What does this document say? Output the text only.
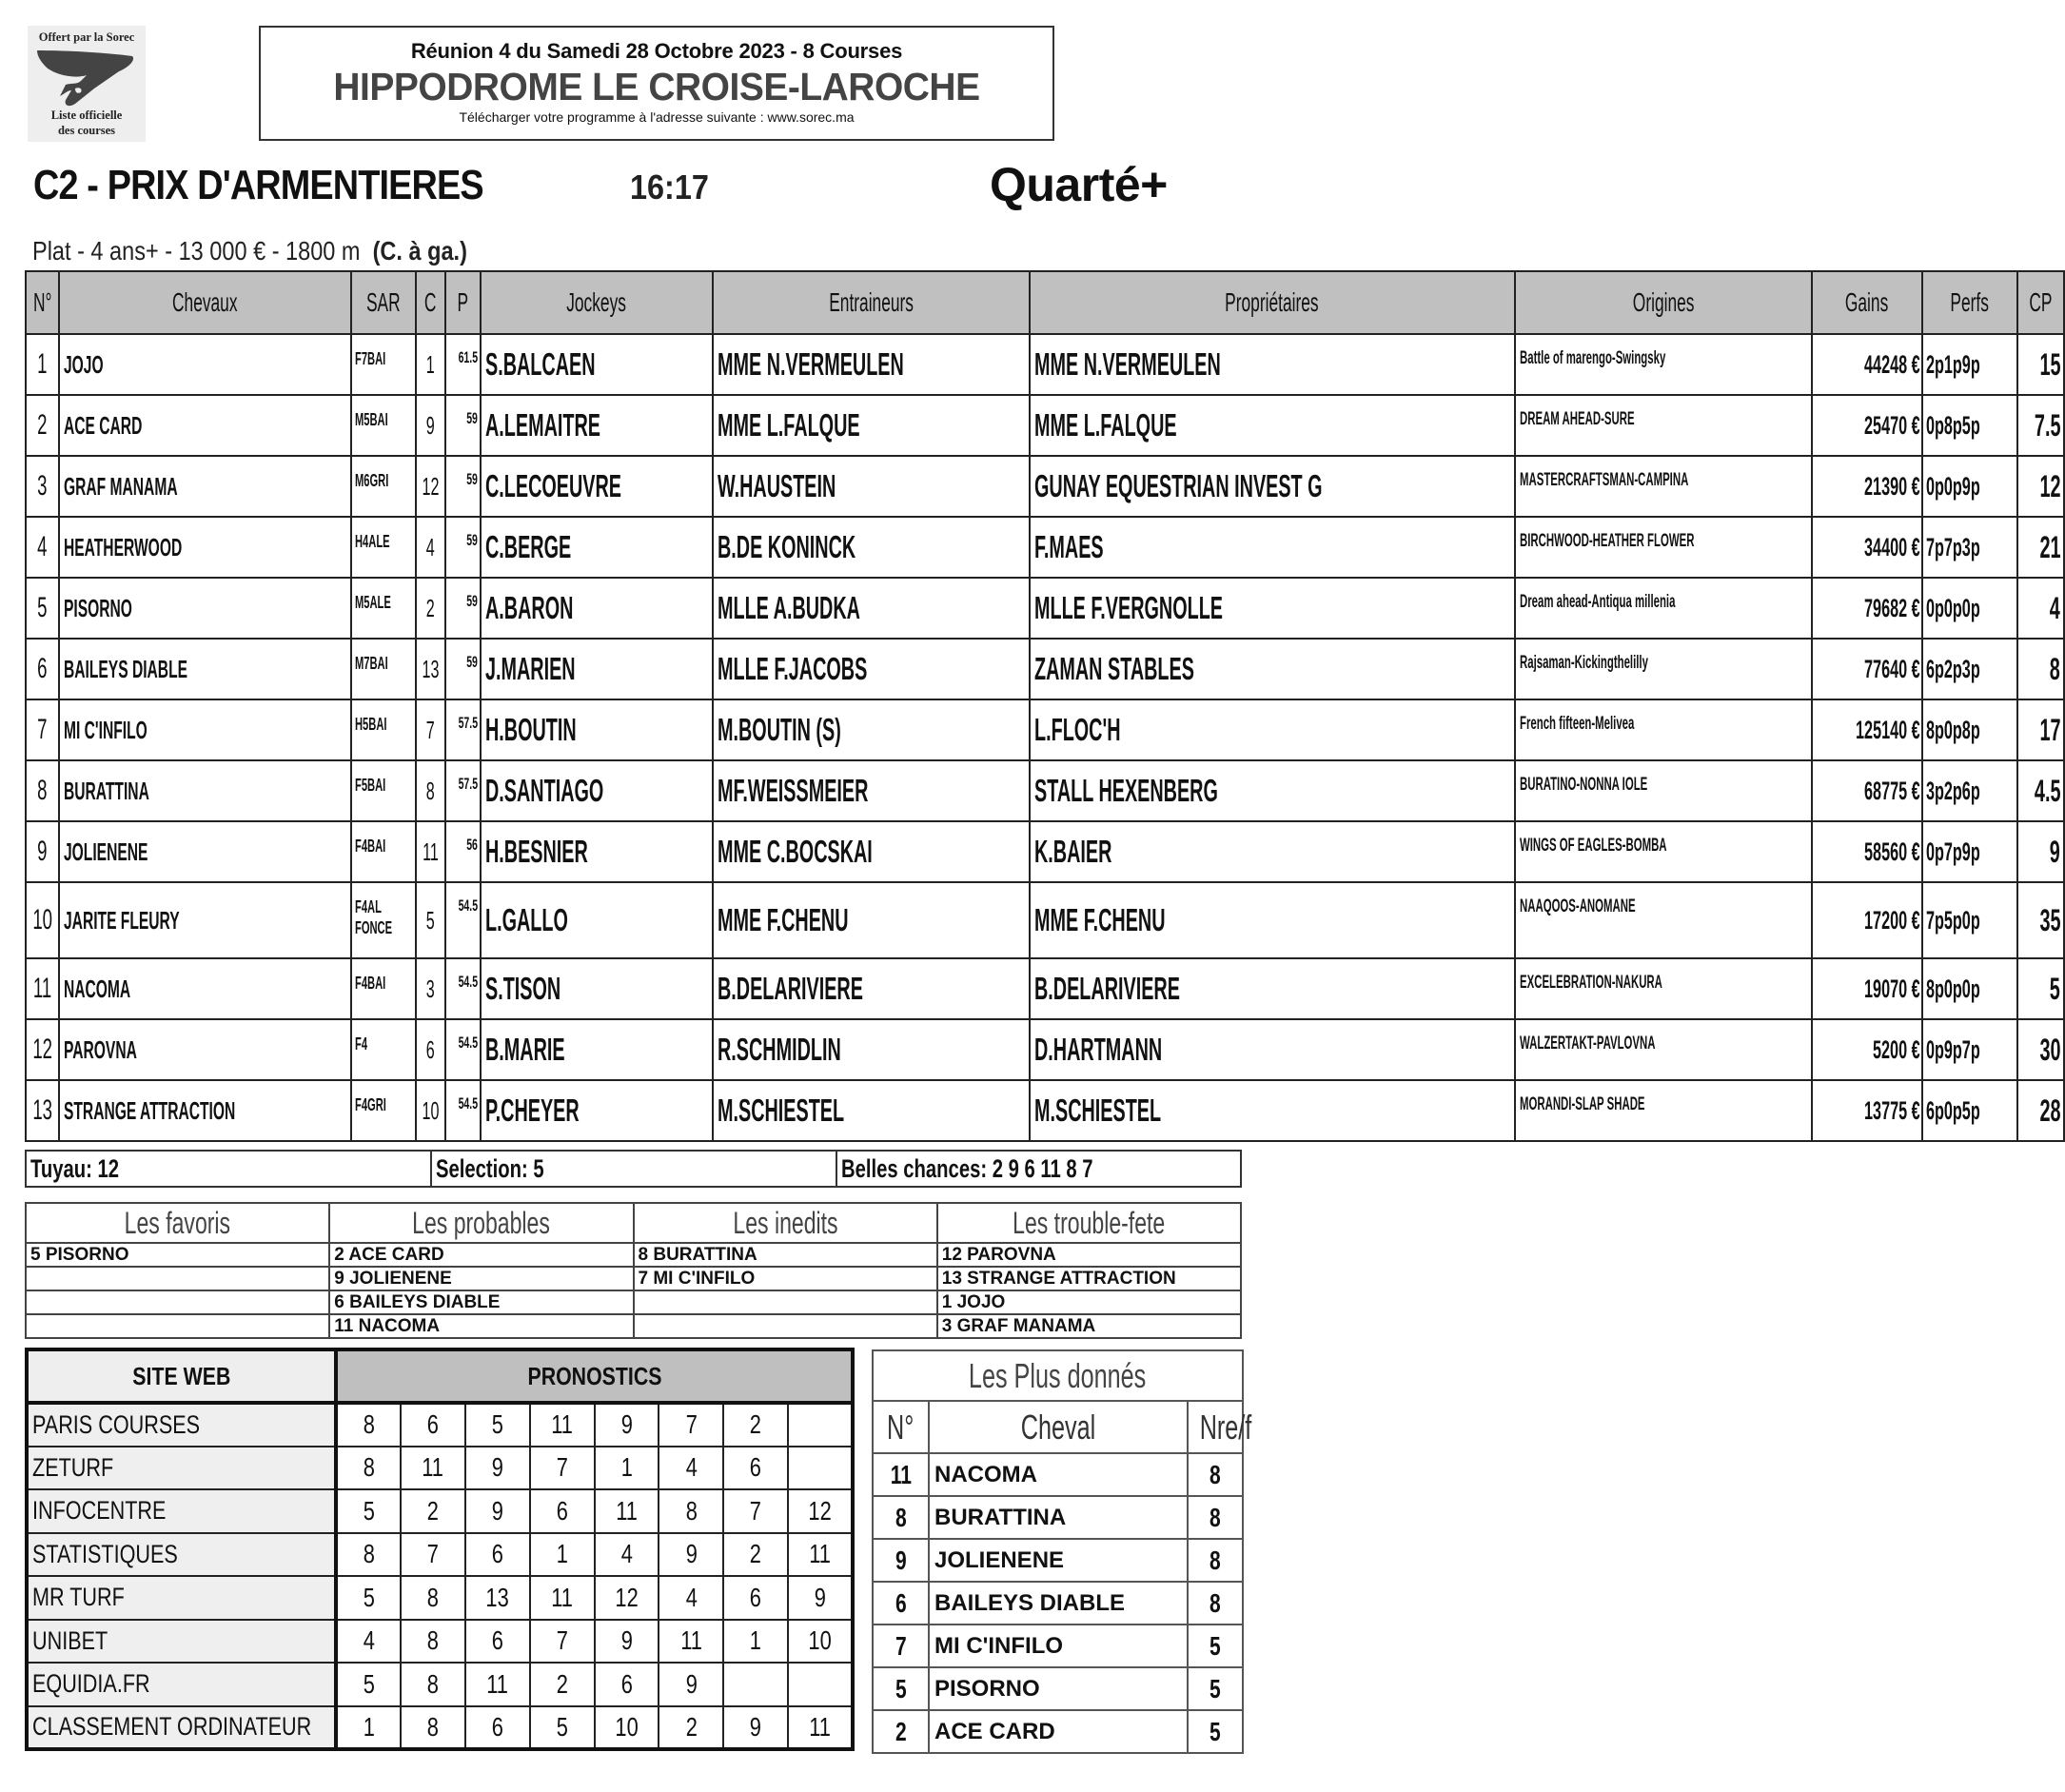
Offert par la Sorec
Liste officielle
des courses
Réunion 4 du Samedi 28 Octobre 2023 - 8 Courses
HIPPODROME LE CROISE-LAROCHE
Télécharger votre programme à l'adresse suivante : www.sorec.ma
C2 - PRIX D'ARMENTIERES	16:17	Quarté+
Plat - 4 ans+ - 13 000 € - 1800 m (C. à ga.)
N°	Chevaux	SAR	C	P	Jockeys	Entraineurs	Propriétaires	Origines	Gains	Perfs	CP
1	JOJO	F7BAI	1	61.5	S.BALCAEN	MME N.VERMEULEN	MME N.VERMEULEN	Battle of marengo-Swingsky	44248 €	2p1p9p	15
2	ACE CARD	M5BAI	9	59	A.LEMAITRE	MME L.FALQUE	MME L.FALQUE	DREAM AHEAD-SURE	25470 €	0p8p5p	7.5
3	GRAF MANAMA	M6GRI	12	59	C.LECOEUVRE	W.HAUSTEIN	GUNAY EQUESTRIAN INVEST G	MASTERCRAFTSMAN-CAMPINA	21390 €	0p0p9p	12
4	HEATHERWOOD	H4ALE	4	59	C.BERGE	B.DE KONINCK	F.MAES	BIRCHWOOD-HEATHER FLOWER	34400 €	7p7p3p	21
5	PISORNO	M5ALE	2	59	A.BARON	MLLE A.BUDKA	MLLE F.VERGNOLLE	Dream ahead-Antiqua millenia	79682 €	0p0p0p	4
6	BAILEYS DIABLE	M7BAI	13	59	J.MARIEN	MLLE F.JACOBS	ZAMAN STABLES	Rajsaman-Kickingthelilly	77640 €	6p2p3p	8
7	MI C'INFILO	H5BAI	7	57.5	H.BOUTIN	M.BOUTIN (S)	L.FLOC'H	French fifteen-Melivea	125140 €	8p0p8p	17
8	BURATTINA	F5BAI	8	57.5	D.SANTIAGO	MF.WEISSMEIER	STALL HEXENBERG	BURATINO-NONNA IOLE	68775 €	3p2p6p	4.5
9	JOLIENENE	F4BAI	11	56	H.BESNIER	MME C.BOCSKAI	K.BAIER	WINGS OF EAGLES-BOMBA	58560 €	0p7p9p	9
10	JARITE FLEURY	F4AL FONCE	5	54.5	L.GALLO	MME F.CHENU	MME F.CHENU	NAAQOOS-ANOMANE	17200 €	7p5p0p	35
11	NACOMA	F4BAI	3	54.5	S.TISON	B.DELARIVIERE	B.DELARIVIERE	EXCELEBRATION-NAKURA	19070 €	8p0p0p	5
12	PAROVNA	F4	6	54.5	B.MARIE	R.SCHMIDLIN	D.HARTMANN	WALZERTAKT-PAVLOVNA	5200 €	0p9p7p	30
13	STRANGE ATTRACTION	F4GRI	10	54.5	P.CHEYER	M.SCHIESTEL	M.SCHIESTEL	MORANDI-SLAP SHADE	13775 €	6p0p5p	28
Tuyau: 12	Selection: 5	Belles chances: 2 9 6 11 8 7
Les favoris	Les probables	Les inedits	Les trouble-fete
5 PISORNO	2 ACE CARD	8 BURATTINA	12 PAROVNA
	9 JOLIENENE	7 MI C'INFILO	13 STRANGE ATTRACTION
	6 BAILEYS DIABLE		1 JOJO
	11 NACOMA		3 GRAF MANAMA
SITE WEB	PRONOSTICS							
PARIS COURSES	8	6	5	11	9	7	2	
ZETURF	8	11	9	7	1	4	6	
INFOCENTRE	5	2	9	6	11	8	7	12
STATISTIQUES	8	7	6	1	4	9	2	11
MR TURF	5	8	13	11	12	4	6	9
UNIBET	4	8	6	7	9	11	1	10
EQUIDIA.FR	5	8	11	2	6	9		
CLASSEMENT ORDINATEUR	1	8	6	5	10	2	9	11
Les Plus donnés		
N°	Cheval	Nre/f
11	NACOMA	8
8	BURATTINA	8
9	JOLIENENE	8
6	BAILEYS DIABLE	8
7	MI C'INFILO	5
5	PISORNO	5
2	ACE CARD	5
